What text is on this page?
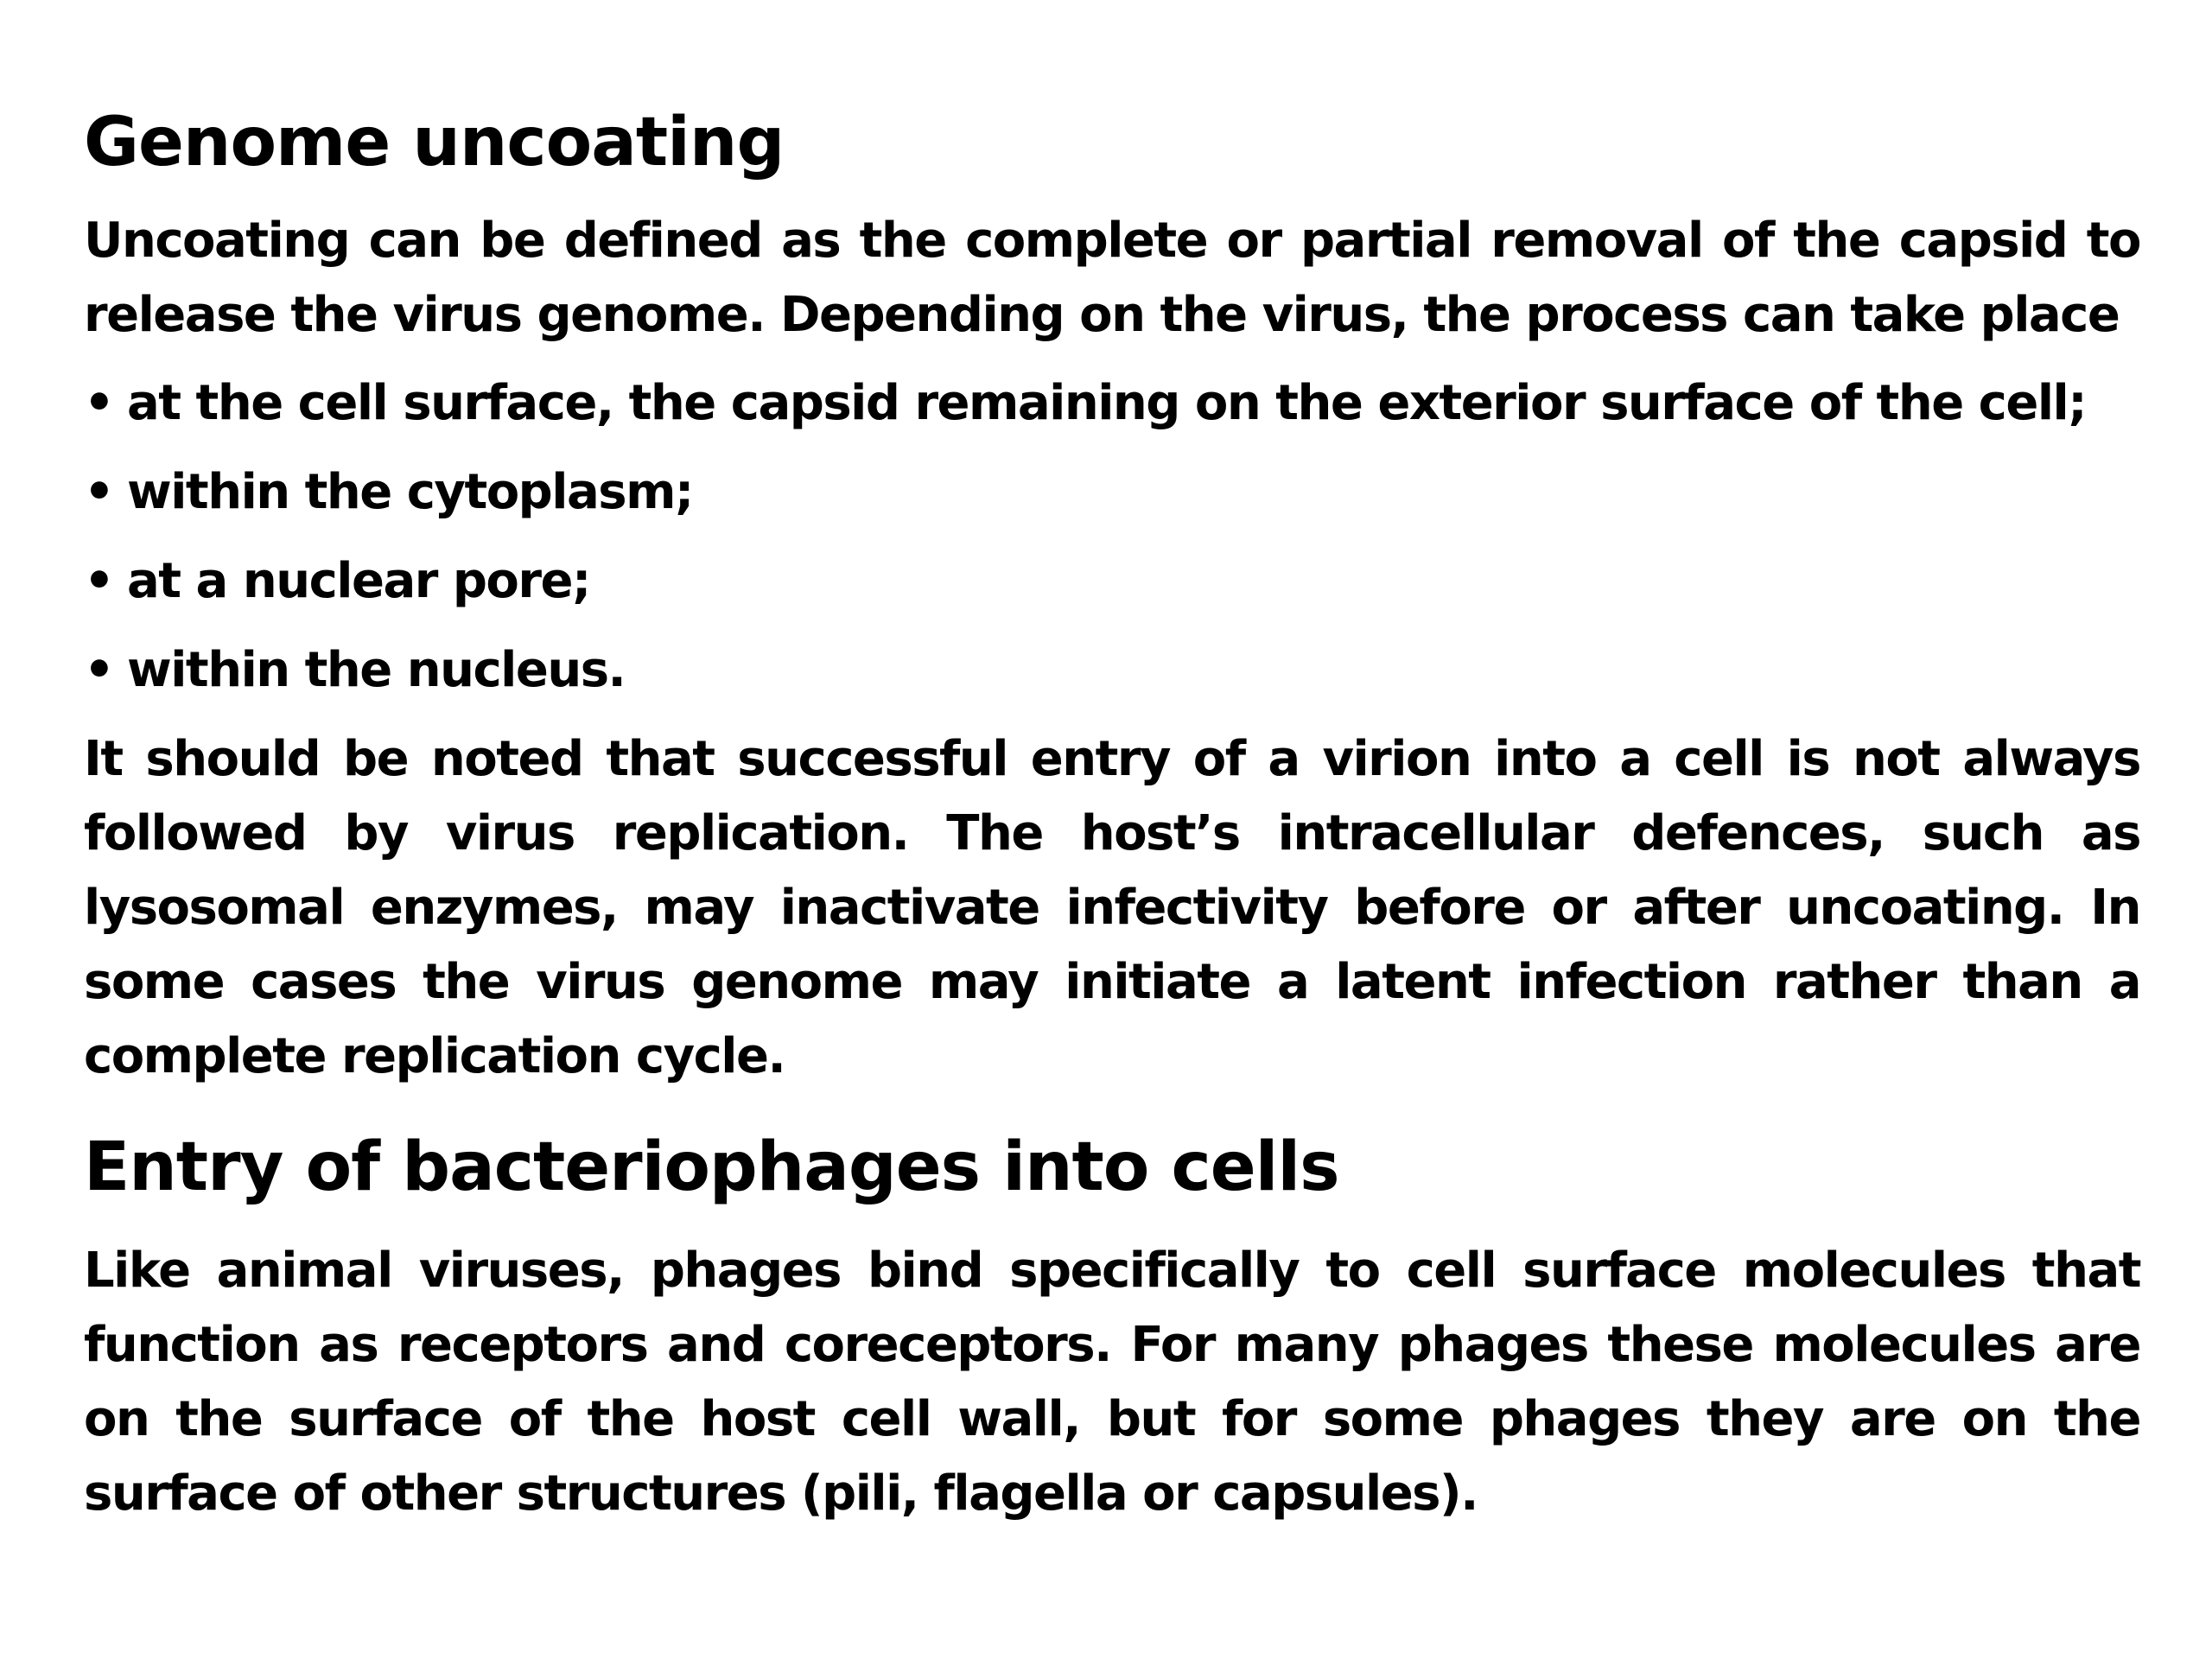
Genome uncoating

Uncoating can be defined as the complete or partial removal of the capsid to release the virus genome. Depending on the virus, the process can take place

• at the cell surface, the capsid remaining on the exterior surface of the cell;
• within the cytoplasm;
• at a nuclear pore;
• within the nucleus.

It should be noted that successful entry of a virion into a cell is not always followed by virus replication. The host’s intracellular defences, such as lysosomal enzymes, may inactivate infectivity before or after uncoating. In some cases the virus genome may initiate a latent infection rather than a complete replication cycle.

Entry of bacteriophages into cells

Like animal viruses, phages bind specifically to cell surface molecules that function as receptors and coreceptors. For many phages these molecules are on the surface of the host cell wall, but for some phages they are on the surface of other structures (pili, flagella or capsules).
